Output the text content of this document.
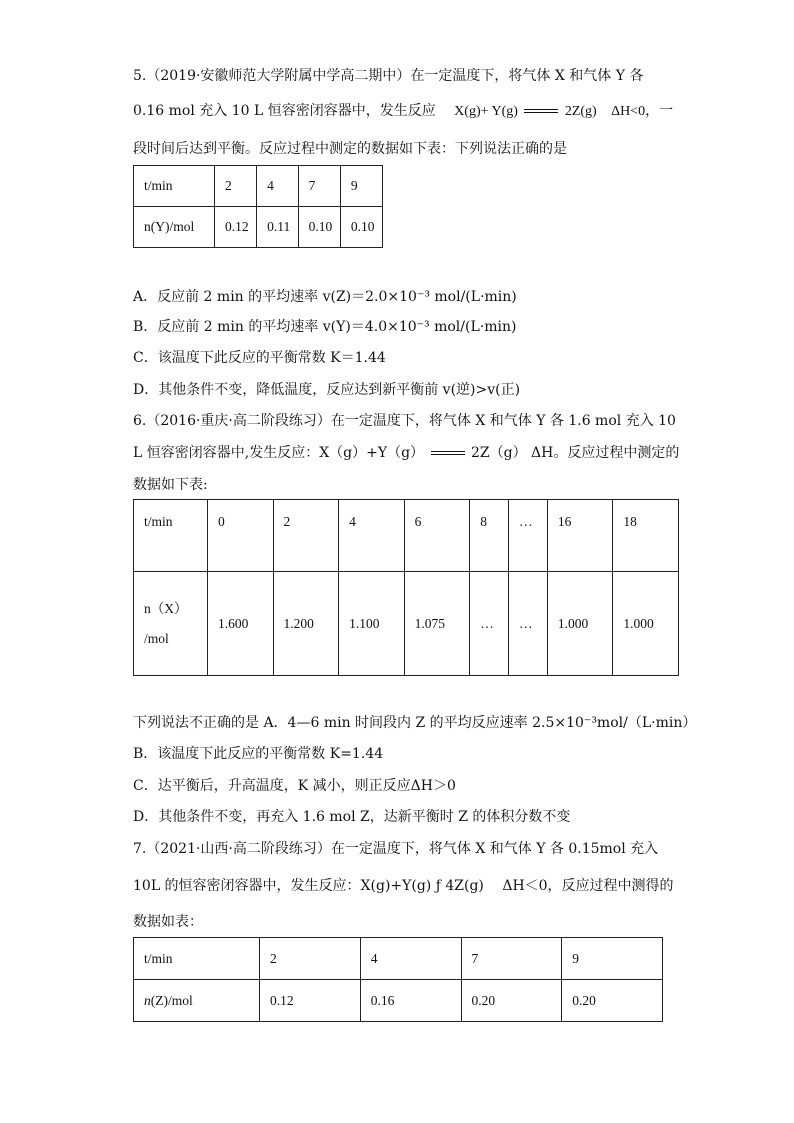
5.（2019·安徽师范大学附属中学高二期中）在一定温度下，将气体 X 和气体 Y 各
0.16 mol 充入 10 L 恒容密闭容器中，发生反应 X(g)+ Y(g)	2Z(g) ΔH<0，一
段时间后达到平衡。反应过程中测定的数据如下表：下列说法正确的是
t/min	2	4	7	9
n(Y)/mol	0.12	0.11	0.10	0.10
A．反应前 2 min 的平均速率 v(Z)＝2.0×10⁻³ mol/(L·min)
B．反应前 2 min 的平均速率 v(Y)＝4.0×10⁻³ mol/(L·min)
C．该温度下此反应的平衡常数 K＝1.44
D．其他条件不变，降低温度，反应达到新平衡前 v(逆)>v(正)
6.（2016·重庆·高二阶段练习）在一定温度下，将气体 X 和气体 Y 各 1.6 mol 充入 10
L 恒容密闭容器中,发生反应：X（g）+Y（g）	2Z（g） ΔH。反应过程中测定的
数据如下表:
t/min	0	2	4	6	8	…	16	18

n（X）
/mol	1.600	1.200	1.100	1.075	…	…	1.000	1.000
下列说法不正确的是 A．4—6 min 时间段内 Z 的平均反应速率 2.5×10⁻³mol/（L·min）
B．该温度下此反应的平衡常数 K=1.44
C．达平衡后，升高温度，K 减小，则正反应ΔH＞0
D．其他条件不变，再充入 1.6 mol Z，达新平衡时 Z 的体积分数不变
7.（2021·山西·高二阶段练习）在一定温度下，将气体 X 和气体 Y 各 0.15mol 充入
10L 的恒容密闭容器中，发生反应：X(g)+Y(g) ƒ 4Z(g) ΔH＜0，反应过程中测得的
数据如表：
t/min	2	4	7	9
n(Z)/mol	0.12	0.16	0.20	0.20
